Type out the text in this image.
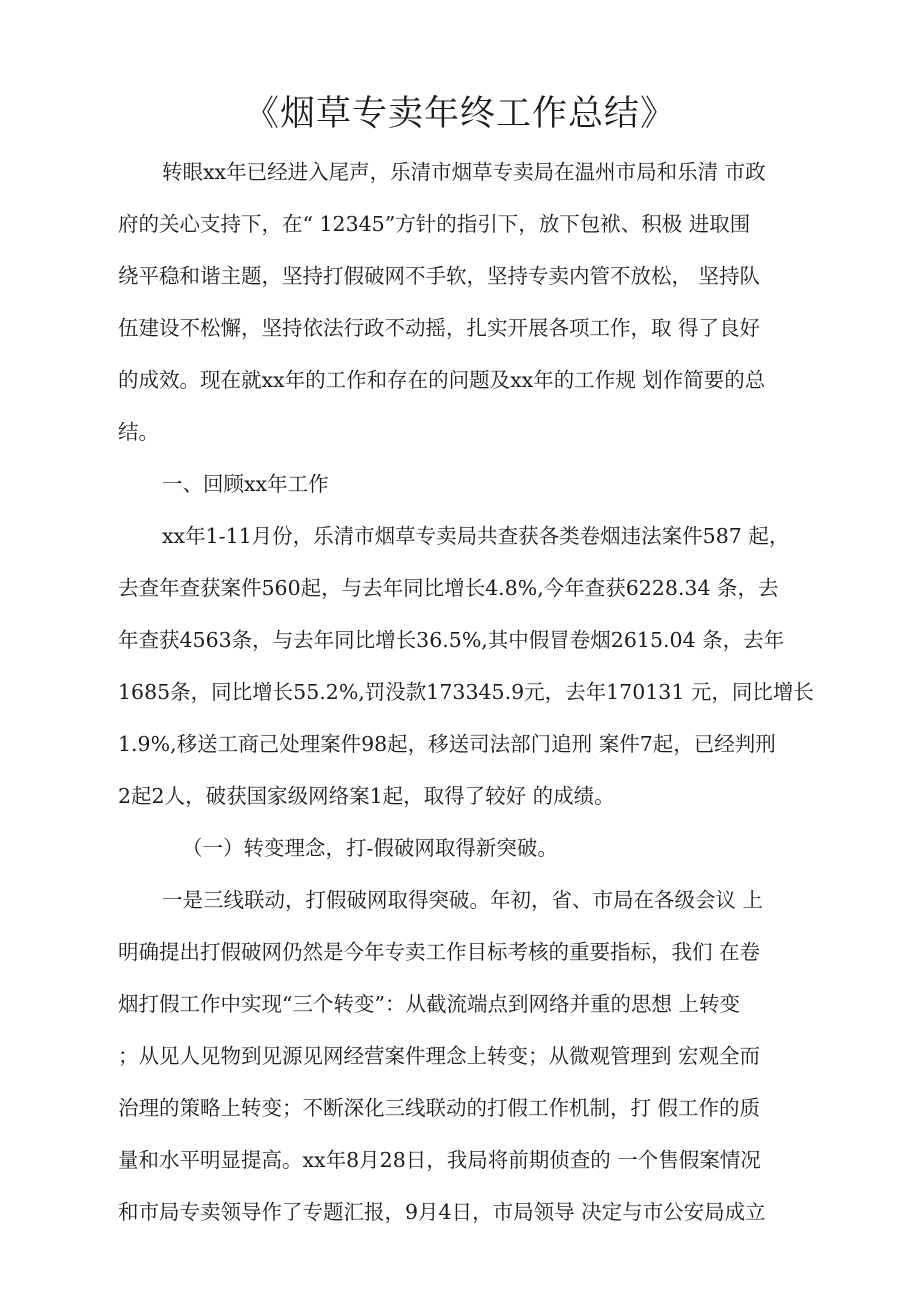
《烟草专卖年终工作总结》
转眼xx年已经进入尾声，乐清市烟草专卖局在温州市局和乐清 市政
府的关心支持下，在“ 12345”方针的指引下，放下包袱、积极 进取围
绕平稳和谐主题，坚持打假破网不手软，坚持专卖内管不放松， 坚持队
伍建设不松懈，坚持依法行政不动摇，扎实开展各项工作，取 得了良好
的成效。现在就xx年的工作和存在的问题及xx年的工作规 划作简要的总
结。
一、回顾xx年工作
xx年1-11月份，乐清市烟草专卖局共查获各类卷烟违法案件587 起，
去查年查获案件560起，与去年同比增长4.8%,今年查获6228.34 条，去
年查获4563条，与去年同比增长36.5%,其中假冒卷烟2615.04 条，去年
1685条，同比增长55.2%,罚没款173345.9元，去年170131 元，同比增长
1.9%,移送工商己处理案件98起，移送司法部门追刑 案件7起，已经判刑
2起2人，破获国家级网络案1起，取得了较好 的成绩。
（一）转变理念，打-假破网取得新突破。
一是三线联动，打假破网取得突破。年初，省、市局在各级会议 上
明确提出打假破网仍然是今年专卖工作目标考核的重要指标，我们 在卷
烟打假工作中实现“三个转变”：从截流端点到网络并重的思想 上转变
；从见人见物到见源见网经营案件理念上转变；从微观管理到 宏观全而
治理的策略上转变；不断深化三线联动的打假工作机制，打 假工作的质
量和水平明显提高。xx年8月28日，我局将前期侦查的 一个售假案情况
和市局专卖领导作了专题汇报，9月4日，市局领导 决定与市公安局成立
